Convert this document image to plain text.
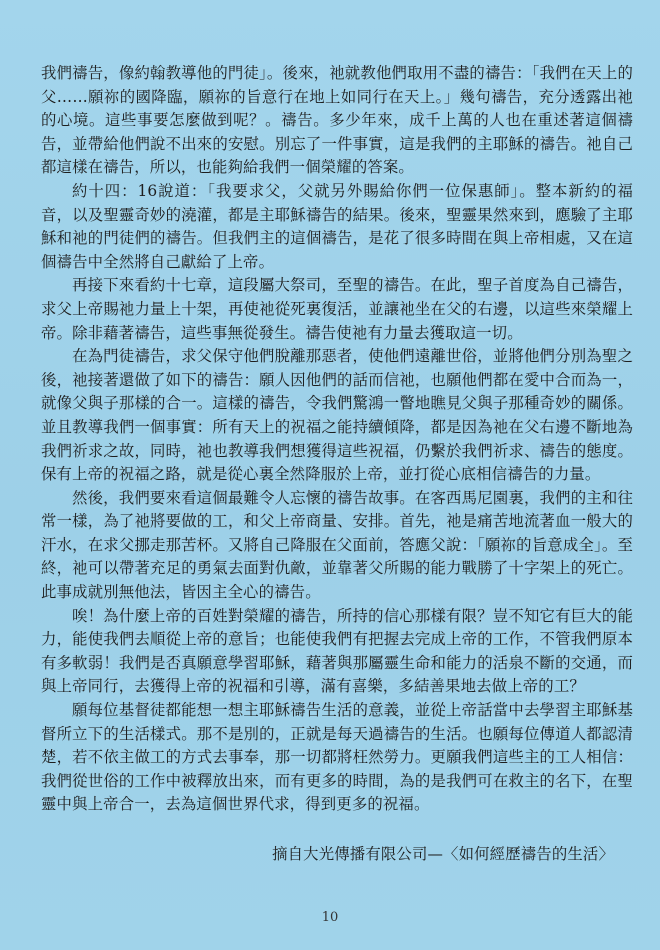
我們禱告，像約翰教導他的門徒」。後來，祂就教他們取用不盡的禱告：「我們在天上的父……願祢的國降臨，願祢的旨意行在地上如同行在天上。」幾句禱告，充分透露出祂的心境。這些事要怎麼做到呢？。禱告。多少年來，成千上萬的人也在重述著這個禱告，並帶給他們說不出來的安慰。別忘了一件事實，這是我們的主耶穌的禱告。祂自己都這樣在禱告，所以，也能夠給我們一個榮耀的答案。

約十四：16說道：「我要求父，父就另外賜給你們一位保惠師」。整本新約的福音，以及聖靈奇妙的澆灌，都是主耶穌禱告的結果。後來，聖靈果然來到，應驗了主耶穌和祂的門徒們的禱告。但我們主的這個禱告，是花了很多時間在與上帝相處，又在這個禱告中全然將自己獻給了上帝。

再接下來看約十七章，這段屬大祭司，至聖的禱告。在此，聖子首度為自己禱告，求父上帝賜祂力量上十架，再使祂從死裏復活，並讓祂坐在父的右邊，以這些來榮耀上帝。除非藉著禱告，這些事無從發生。禱告使祂有力量去獲取這一切。

在為門徒禱告，求父保守他們脫離那惡者，使他們遠離世俗，並將他們分別為聖之後，祂接著還做了如下的禱告：願人因他們的話而信祂，也願他們都在愛中合而為一，就像父與子那樣的合一。這樣的禱告，令我們驚鴻一瞥地瞧見父與子那種奇妙的關係。並且教導我們一個事實：所有天上的祝福之能持續傾降，都是因為祂在父右邊不斷地為我們祈求之故，同時，祂也教導我們想獲得這些祝福，仍繫於我們祈求、禱告的態度。保有上帝的祝福之路，就是從心裏全然降服於上帝，並打從心底相信禱告的力量。

然後，我們要來看這個最難令人忘懷的禱告故事。在客西馬尼園裏，我們的主和往常一樣，為了祂將要做的工，和父上帝商量、安排。首先，祂是痛苦地流著血一般大的汗水，在求父挪走那苦杯。又將自己降服在父面前，答應父說：「願祢的旨意成全」。至終，祂可以帶著充足的勇氣去面對仇敵，並靠著父所賜的能力戰勝了十字架上的死亡。此事成就別無他法，皆因主全心的禱告。

唉！為什麼上帝的百姓對榮耀的禱告，所持的信心那樣有限？豈不知它有巨大的能力，能使我們去順從上帝的意旨；也能使我們有把握去完成上帝的工作，不管我們原本有多軟弱！我們是否真願意學習耶穌，藉著與那屬靈生命和能力的活泉不斷的交通，而與上帝同行，去獲得上帝的祝福和引導，滿有喜樂，多結善果地去做上帝的工？

願每位基督徒都能想一想主耶穌禱告生活的意義，並從上帝話當中去學習主耶穌基督所立下的生活樣式。那不是別的，正就是每天過禱告的生活。也願每位傳道人都認清楚，若不依主做工的方式去事奉，那一切都將枉然勞力。更願我們這些主的工人相信：我們從世俗的工作中被釋放出來，而有更多的時間，為的是我們可在救主的名下，在聖靈中與上帝合一，去為這個世界代求，得到更多的祝福。

摘自大光傳播有限公司—〈如何經歷禱告的生活〉
10
